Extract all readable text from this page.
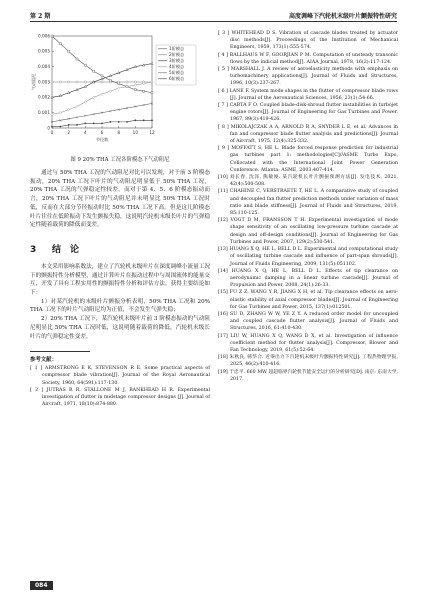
第 2 期	高度调峰下汽轮机末级叶片颤振特性研究
0
0.001
0.002
0.003
0.004
0.005
0.006
0	2	4	6	8	10	12
节径数
气动阻尼
1阶模态
2阶模态
3阶模态
4阶模态
5阶模态
6阶模态
图 9 20% THA 工况各阶模态下气动阻尼

通过与 50% THA 工况的气动阻尼对比可以发现，对于前 3 阶模态振动，20% THA 工况下叶片的气动阻尼明显低于 50% THA 工况，20% THA 工况的气弹稳定性较差。而对于第 4、5、6 阶模态振动而言，20% THA 工况下叶片的气动阻尼并未明显比 50% THA 工况时低，反而在大部分节径振动时比 50% THA 工况下高。但是这几阶模态叶片往往在低阶振动下发生颤振失稳，这说明汽轮机末级长叶片的气弹稳定性随着载荷的降低而变差。

3 结　论

本文采用影响系数法，建立了汽轮机末级叶片在深度调峰小流量工况下的颤振特性分析模型，通过计算叶片在振动过程中与周围流体的能量交互，开发了具有工程实用性的颤振特性分析和评估方法。获得主要结论如下：

1）对某汽轮机的末级叶片颤振分析表明，50% THA 工况和 20% THA 工况下的叶片气动阻尼均为正值，不会发生气弹失稳；

2）20% THA 工况下，某汽轮机末级叶片前 3 阶模态振动的气动阻尼明显比 50% THA 工况时低，这说明随着载荷的降低，汽轮机末级长叶片的气弹稳定性变差。

参考文献：

[ 1 ] ARMSTRONG E K, STEVENSON R E. Some practical aspects of compressor blade vibration[J]. Journal of the Royal Aeronautical Society, 1960, 64(591):117-130.

[ 2 ] JUTRAS R R, STALLONE M J, BANKHEAD H R. Experimental investigation of flutter in midstage compressor designs [J]. Journal of Aircraft, 1971, 18(10):874-880.

[ 3 ] WHITEHEAD D S. Vibration of cascade blades treated by actuator disc methods[J]. Proceedings of the Institution of Mechanical Engineers, 1959, 173(1):555-574.

[ 4 ] BALLHAUS W F, GOORJIAN P M. Computation of unsteady transonic flows by the indicial method[J]. AIAA Journal, 1978, 16(2):117-124.

[ 5 ] MARSHALL J. A review of aeroelasticity methods with emphasis on turbomachinery applications[J]. Journal of Fluids and Structures, 1996, 10(3):237-267.

[ 6 ] LANE F. System mode shapes in the flutter of compressor blade rows [J]. Journal of the Aeronautical Sciences, 1956, 23(1):54-66.

[ 7 ] CARTA F O. Coupled blade-disk-shroud flutter instabilities in turbojet engine rotors[J]. Journal of Engineering for Gas Turbines and Power, 1967, 89(3):419-426.

[ 8 ] MIKOLAJCZAK A A, ARNOLD R A, SNYDER L E, et al. Advances in fan and compressor blade flutter analysis and predictions[J]. Journal of Aircraft, 1975, 12(4):325-332.

[ 9 ] MOFFATT S, HE L. Blade forced response prediction for industrial gas turbines part 1: methodologies[C]//ASME Turbo Expo, Collocated with the International Joint Power Generation Conference. Atlanta: ASME, 2003:407-414.

[10] 刘长春, 沈泽, 熊敏俊. 某汽轮机长叶片颤振预测方法[J]. 发电技术, 2021, 42(4):500-508.

[11] CHAHINE C, VERSTRAETE T, HE L. A comparative study of coupled and decoupled fan flutter prediction methods under variation of mass ratio and blade stiffness[J]. Journal of Fluids and Structures, 2019, 85:110-125.

[12] VOGT D M, FRANSSON T H. Experimental investigation of mode shape sensitivity of an oscillating low-pressure turbine cascade at design and off-design conditions[J]. Journal of Engineering for Gas Turbines and Power, 2007, 129(2):530-541.

[13] HUANG X Q, HE L, BELL D L. Experimental and computational study of oscillating turbine cascade and influence of part-span shrouds[J]. Journal of Fluids Engineering, 2009, 131(5):051102.

[14] HUANG X Q, HE L, BELL D L. Effects of tip clearance on aerodynamic damping in a linear turbine cascade[J]. Journal of Propulsion and Power, 2008, 24(1):26-33.

[15] FU Z Z, WANG Y R, JIANG X H, et al. Tip clearance effects on aero-elastic stability of axial compressor blades[J]. Journal of Engineering for Gas Turbines and Power, 2015, 137(1):012501.

[16] SU D, ZHANG W W, YE Z Y. A reduced order model for uncoupled and coupled cascade flutter analysis[J]. Journal of Fluids and Structures, 2016, 61:410-430.

[17] LIU W, HUANG X Q, WANG D X, et al. Investigation of influence coefficient method for flutter analysis[J]. Compressor, Blower and Fan Technology, 2019, 61(5):52-64.

[18] 朱秋良, 韩华合. 近零出力下汽轮机末级叶片颤振特性研究[J]. 工程热物理学报, 2025, 46(2):410-416.

[19] 于忠平. 660 MW 超超临界汽轮机节能安全运行的分析研究[D]. 南京: 东南大学, 2017.

084
